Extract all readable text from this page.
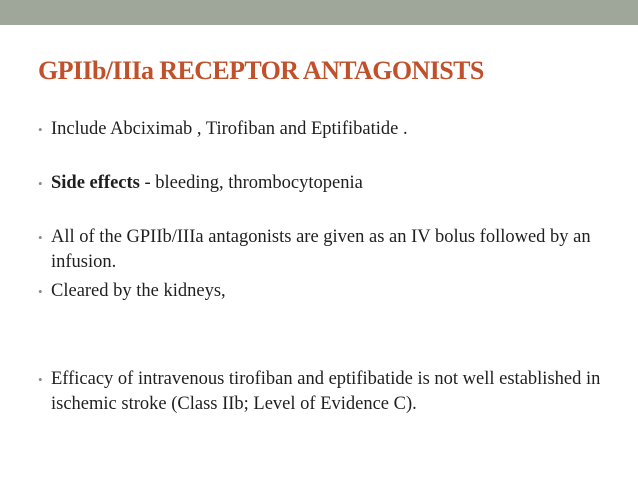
GPIIb/IIIa RECEPTOR ANTAGONISTS
• Include Abciximab , Tirofiban and Eptifibatide .
• Side effects - bleeding, thrombocytopenia
• All of the GPIIb/IIIa antagonists are given as an IV bolus followed by an infusion.
• Cleared by the kidneys,
• Efficacy of intravenous tirofiban and eptifibatide is not well established in ischemic stroke (Class IIb; Level of Evidence C).
